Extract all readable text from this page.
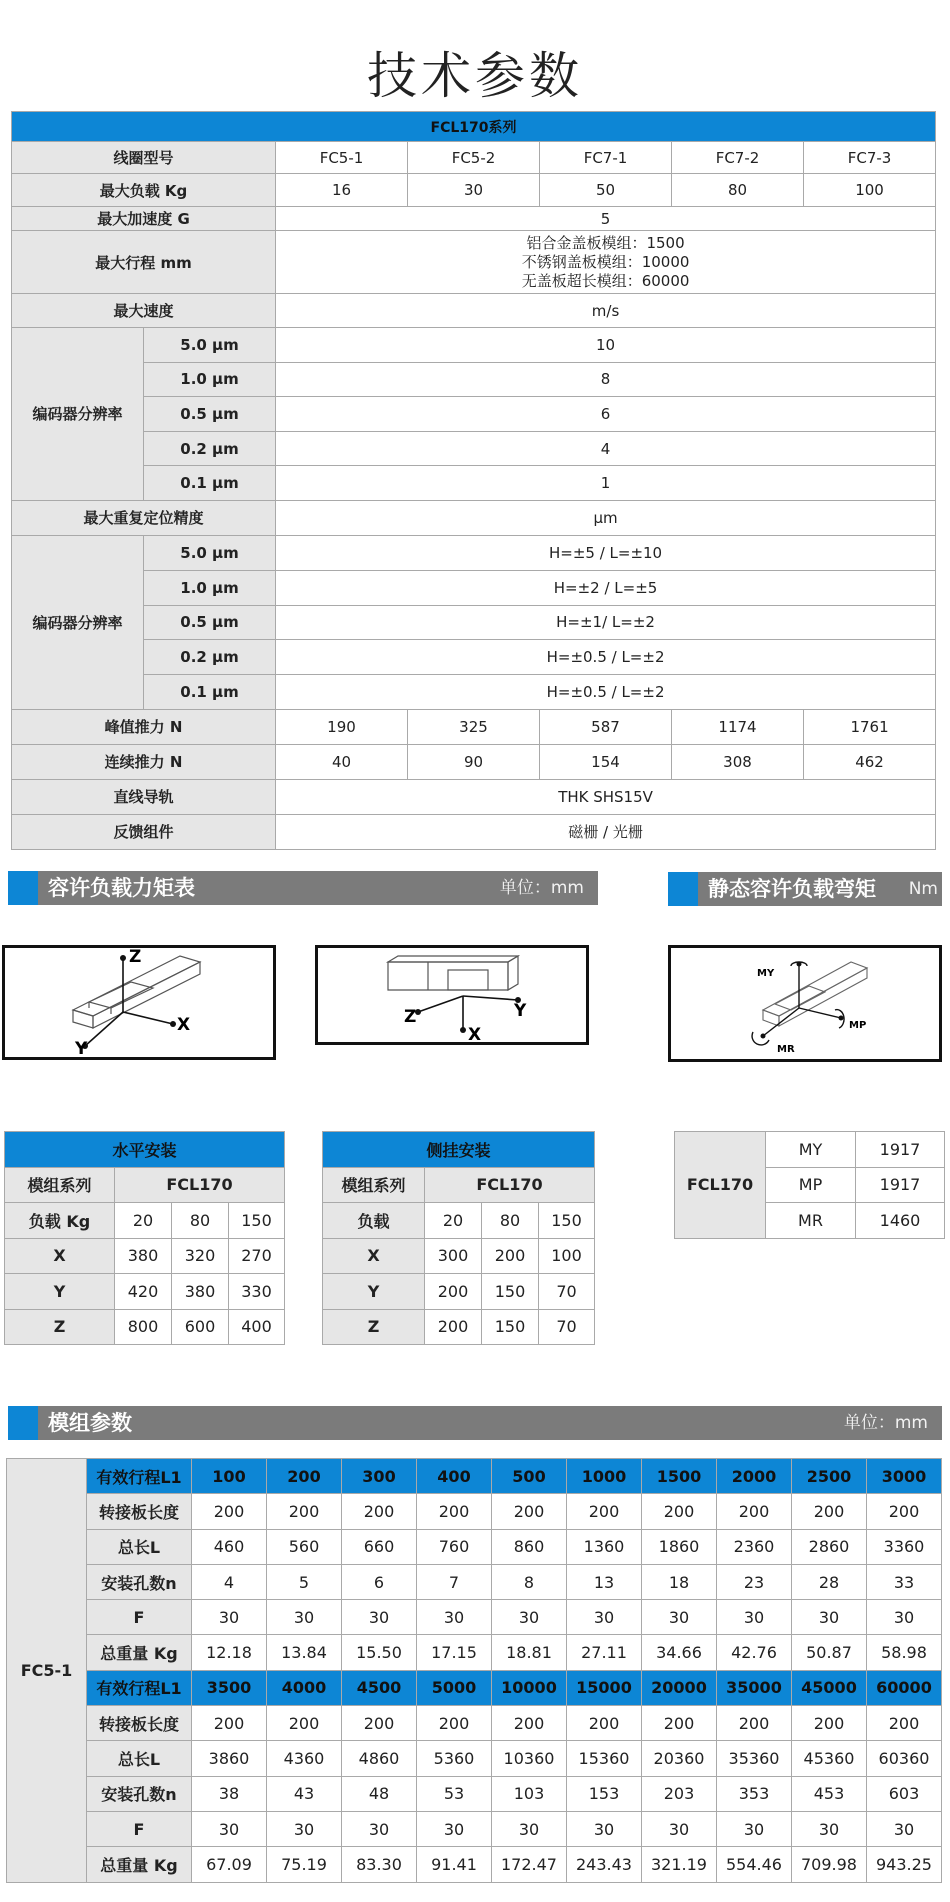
技术参数
FCL170系列						
线圈型号		FC5-1	FC5-2	FC7-1	FC7-2	FC7-3
最大负载 Kg		16	30	50	80	100
最大加速度 G		5				
最大行程 mm		铝合金盖板模组：1500
不锈钢盖板模组：10000
无盖板超长模组：60000				

最大速度		m/s				
编码器分辨率	5.0 μm	10				
	1.0 μm	8				
	0.5 μm	6				
	0.2 μm	4				
	0.1 μm	1				
最大重复定位精度		μm				
编码器分辨率	5.0 μm	H=±5 / L=±10				
	1.0 μm	H=±2 / L=±5				
	0.5 μm	H=±1/ L=±2				
	0.2 μm	H=±0.5 / L=±2				
	0.1 μm	H=±0.5 / L=±2				
峰值推力 N		190	325	587	1174	1761
连续推力 N		40	90	154	308	462
直线导轨		THK SHS15V				
反馈组件		磁栅 / 光栅				
容许负载力矩表	单位：mm	静态容许负载弯矩 Nm
Z
X
Y
X
Y
Z
MY
MP
MR
水平安装			
模组系列	FCL170		
负载 Kg	20	80	150
X	380	320	270
Y	420	380	330
Z	800	600	400
侧挂安装			
模组系列	FCL170		
负载	20	80	150
X	300	200	100
Y	200	150	70
Z	200	150	70
FCL170	MY	1917
	MP	1917
	MR	1460
模组参数	单位：mm
FC5-1	有效行程L1	100	200	300	400	500	1000	1500	2000	2500	3000
	转接板长度	200	200	200	200	200	200	200	200	200	200
	总长L	460	560	660	760	860	1360	1860	2360	2860	3360
	安装孔数n	4	5	6	7	8	13	18	23	28	33
	F	30	30	30	30	30	30	30	30	30	30
	总重量 Kg	12.18	13.84	15.50	17.15	18.81	27.11	34.66	42.76	50.87	58.98
	有效行程L1	3500	4000	4500	5000	10000	15000	20000	35000	45000	60000
	转接板长度	200	200	200	200	200	200	200	200	200	200
	总长L	3860	4360	4860	5360	10360	15360	20360	35360	45360	60360
	安装孔数n	38	43	48	53	103	153	203	353	453	603
	F	30	30	30	30	30	30	30	30	30	30
	总重量 Kg	67.09	75.19	83.30	91.41	172.47	243.43	321.19	554.46	709.98	943.25
